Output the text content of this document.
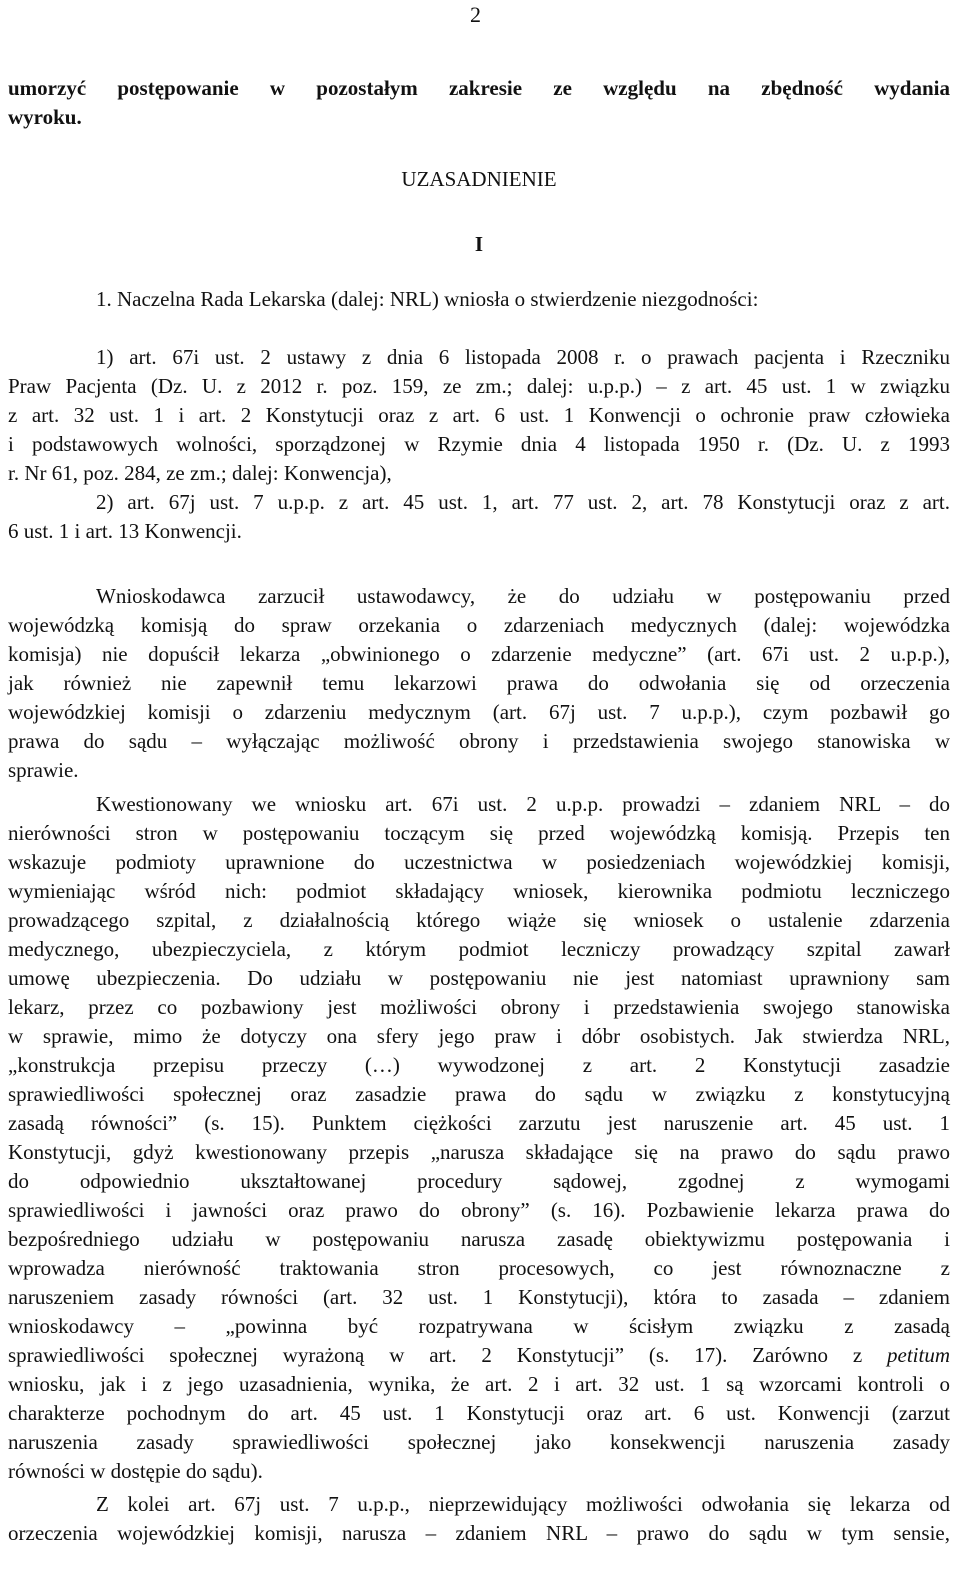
2
umorzyć postępowanie w pozostałym zakresie ze względu na zbędność wydania
wyroku.
UZASADNIENIE
I
1. Naczelna Rada Lekarska (dalej: NRL) wniosła o stwierdzenie niezgodności:
1) art. 67i ust. 2 ustawy z dnia 6 listopada 2008 r. o prawach pacjenta i Rzeczniku
Praw Pacjenta (Dz. U. z 2012 r. poz. 159, ze zm.; dalej: u.p.p.) – z art. 45 ust. 1 w związku
z art. 32 ust. 1 i art. 2 Konstytucji oraz z art. 6 ust. 1 Konwencji o ochronie praw człowieka
i podstawowych wolności, sporządzonej w Rzymie dnia 4 listopada 1950 r. (Dz. U. z 1993
r. Nr 61, poz. 284, ze zm.; dalej: Konwencja),
2) art. 67j ust. 7 u.p.p. z art. 45 ust. 1, art. 77 ust. 2, art. 78 Konstytucji oraz z art.
6 ust. 1 i art. 13 Konwencji.
Wnioskodawca zarzucił ustawodawcy, że do udziału w postępowaniu przed
wojewódzką komisją do spraw orzekania o zdarzeniach medycznych (dalej: wojewódzka
komisja) nie dopuścił lekarza „obwinionego o zdarzenie medyczne” (art. 67i ust. 2 u.p.p.),
jak również nie zapewnił temu lekarzowi prawa do odwołania się od orzeczenia
wojewódzkiej komisji o zdarzeniu medycznym (art. 67j ust. 7 u.p.p.), czym pozbawił go
prawa do sądu – wyłączając możliwość obrony i przedstawienia swojego stanowiska w
sprawie.
Kwestionowany we wniosku art. 67i ust. 2 u.p.p. prowadzi – zdaniem NRL – do
nierówności stron w postępowaniu toczącym się przed wojewódzką komisją. Przepis ten
wskazuje podmioty uprawnione do uczestnictwa w posiedzeniach wojewódzkiej komisji,
wymieniając wśród nich: podmiot składający wniosek, kierownika podmiotu leczniczego
prowadzącego szpital, z działalnością którego wiąże się wniosek o ustalenie zdarzenia
medycznego, ubezpieczyciela, z którym podmiot leczniczy prowadzący szpital zawarł
umowę ubezpieczenia. Do udziału w postępowaniu nie jest natomiast uprawniony sam
lekarz, przez co pozbawiony jest możliwości obrony i przedstawienia swojego stanowiska
w sprawie, mimo że dotyczy ona sfery jego praw i dóbr osobistych. Jak stwierdza NRL,
„konstrukcja przepisu przeczy (…) wywodzonej z art. 2 Konstytucji zasadzie
sprawiedliwości społecznej oraz zasadzie prawa do sądu w związku z konstytucyjną
zasadą równości” (s. 15). Punktem ciężkości zarzutu jest naruszenie art. 45 ust. 1
Konstytucji, gdyż kwestionowany przepis „narusza składające się na prawo do sądu prawo
do odpowiednio ukształtowanej procedury sądowej, zgodnej z wymogami
sprawiedliwości i jawności oraz prawo do obrony” (s. 16). Pozbawienie lekarza prawa do
bezpośredniego udziału w postępowaniu narusza zasadę obiektywizmu postępowania i
wprowadza nierówność traktowania stron procesowych, co jest równoznaczne z
naruszeniem zasady równości (art. 32 ust. 1 Konstytucji), która to zasada – zdaniem
wnioskodawcy – „powinna być rozpatrywana w ścisłym związku z zasadą
sprawiedliwości społecznej wyrażoną w art. 2 Konstytucji” (s. 17). Zarówno z petitum
wniosku, jak i z jego uzasadnienia, wynika, że art. 2 i art. 32 ust. 1 są wzorcami kontroli o
charakterze pochodnym do art. 45 ust. 1 Konstytucji oraz art. 6 ust. Konwencji (zarzut
naruszenia zasady sprawiedliwości społecznej jako konsekwencji naruszenia zasady
równości w dostępie do sądu).
Z kolei art. 67j ust. 7 u.p.p., nieprzewidujący możliwości odwołania się lekarza od
orzeczenia wojewódzkiej komisji, narusza – zdaniem NRL – prawo do sądu w tym sensie,
